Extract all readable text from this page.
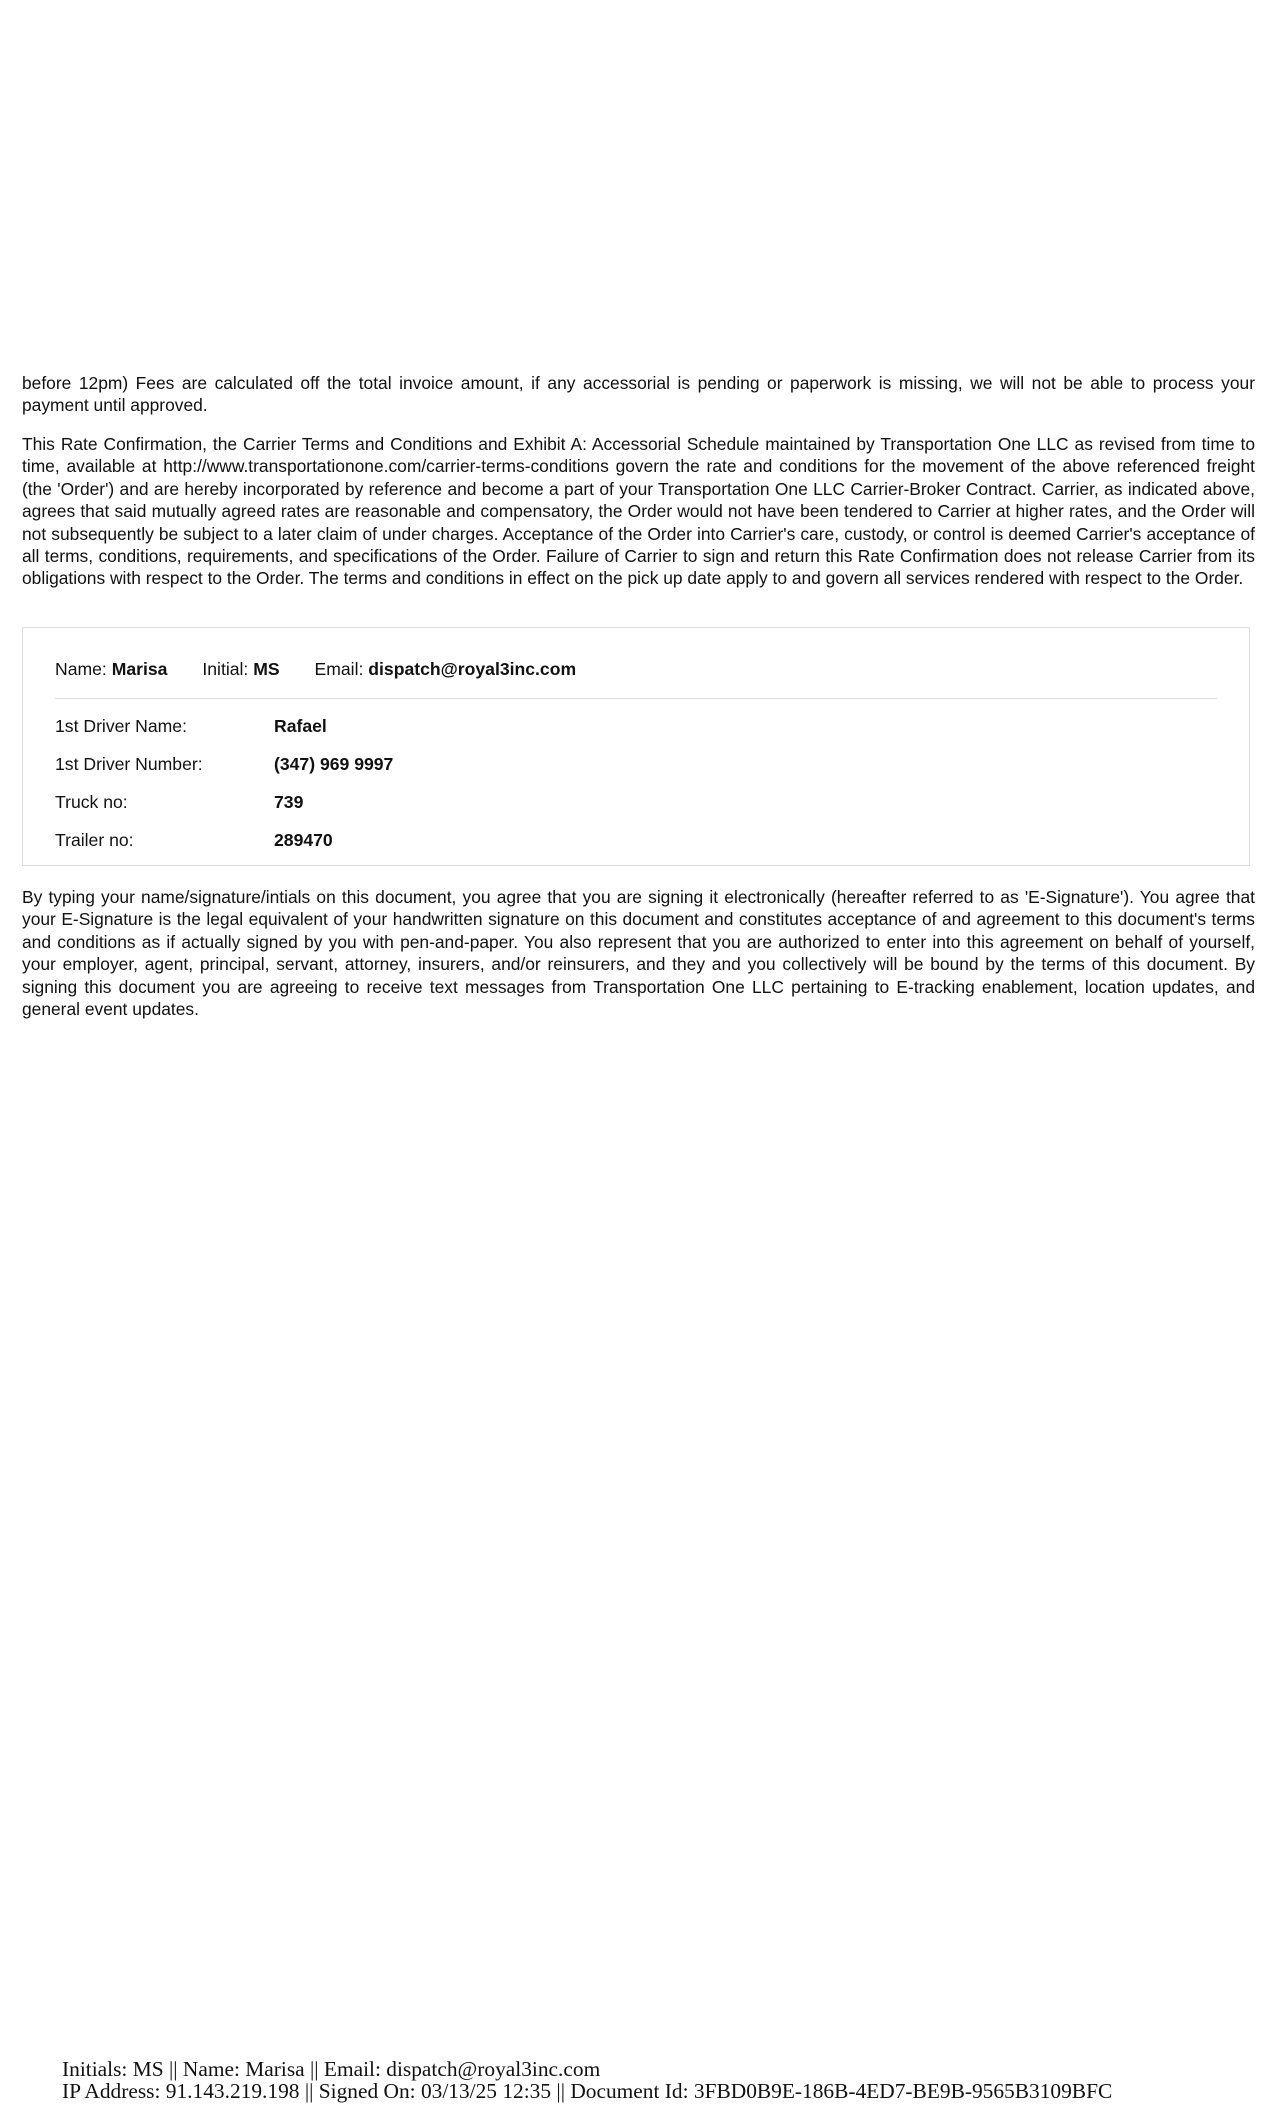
before 12pm) Fees are calculated off the total invoice amount, if any accessorial is pending or paperwork is missing, we will not be able to process your payment until approved.

This Rate Confirmation, the Carrier Terms and Conditions and Exhibit A: Accessorial Schedule maintained by Transportation One LLC as revised from time to time, available at http://www.transportationone.com/carrier-terms-conditions govern the rate and conditions for the movement of the above referenced freight (the 'Order') and are hereby incorporated by reference and become a part of your Transportation One LLC Carrier-Broker Contract. Carrier, as indicated above, agrees that said mutually agreed rates are reasonable and compensatory, the Order would not have been tendered to Carrier at higher rates, and the Order will not subsequently be subject to a later claim of under charges. Acceptance of the Order into Carrier's care, custody, or control is deemed Carrier's acceptance of all terms, conditions, requirements, and specifications of the Order. Failure of Carrier to sign and return this Rate Confirmation does not release Carrier from its obligations with respect to the Order. The terms and conditions in effect on the pick up date apply to and govern all services rendered with respect to the Order.

Name: Marisa Initial: MS Email: dispatch@royal3inc.com
1st Driver Name:	Rafael
1st Driver Number:	(347) 969 9997
Truck no:	739
Trailer no:	289470

By typing your name/signature/intials on this document, you agree that you are signing it electronically (hereafter referred to as 'E-Signature'). You agree that your E-Signature is the legal equivalent of your handwritten signature on this document and constitutes acceptance of and agreement to this document's terms and conditions as if actually signed by you with pen-and-paper. You also represent that you are authorized to enter into this agreement on behalf of yourself, your employer, agent, principal, servant, attorney, insurers, and/or reinsurers, and they and you collectively will be bound by the terms of this document. By signing this document you are agreeing to receive text messages from Transportation One LLC pertaining to E-tracking enablement, location updates, and general event updates.

Initials: MS || Name: Marisa || Email: dispatch@royal3inc.com
IP Address: 91.143.219.198 || Signed On: 03/13/25 12:35 || Document Id: 3FBD0B9E-186B-4ED7-BE9B-9565B3109BFC
